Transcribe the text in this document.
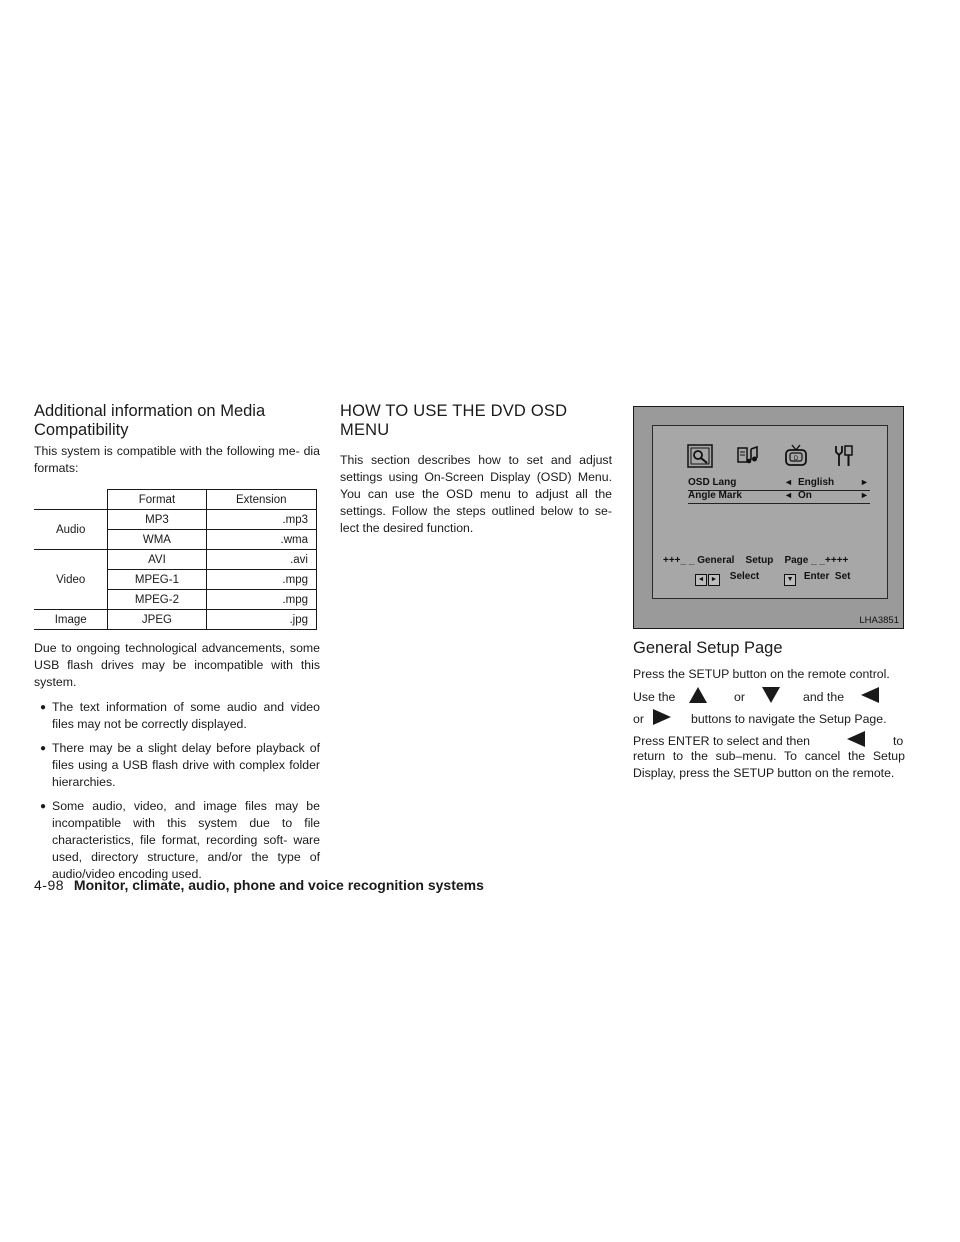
Additional information on Media
Compatibility

This system is compatible with the following me- dia formats:

	Format	Extension
Audio	MP3	.mp3
	WMA	.wma
Video	AVI	.avi
	MPEG-1	.mpg
	MPEG-2	.mpg
Image	JPEG	.jpg

Due to ongoing technological advancements, some USB flash drives may be incompatible with this system.

● The text information of some audio and video files may not be correctly displayed.
● There may be a slight delay before playback of files using a USB flash drive with complex folder hierarchies.
● Some audio, video, and image files may be incompatible with this system due to file characteristics, file format, recording soft- ware used, directory structure, and/or the type of audio/video encoding used.
HOW TO USE THE DVD OSD MENU

This section describes how to set and adjust settings using On-Screen Display (OSD) Menu. You can use the OSD menu to adjust all the settings. Follow the steps outlined below to se- lect the desired function.

D
OSD Lang	◄ English	►
Angle Mark	◄ On	►
+++_ _ General    Setup    Page _ _++++
◄ ► Select	▼ Enter  Set
LHA3851
General Setup Page

Press the SETUP button on the remote control.

Use the	or	and the
or	buttons to navigate the Setup Page.
Press ENTER to select and then	to

return to the sub–menu. To cancel the Setup Display, press the SETUP button on the remote.

4-98 Monitor, climate, audio, phone and voice recognition systems
